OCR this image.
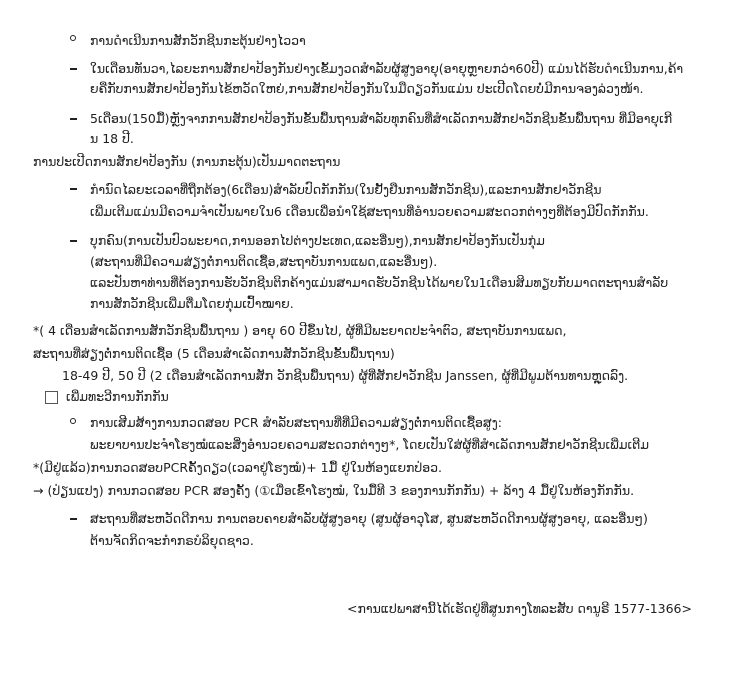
ການດຳເນີນການສັກວັກຊີນກະຕຸ້ນຢ່າງໄວວາ
ໃນເດືອນທັນວາ,ໄລຍະການສັກຢາປ້ອງກັນຢ່າງເຂັ້ມງວດສຳລັບຜູ້ສູງອາຍຸ(ອາຍຸຫຼາຍກວ່າ60ປີ) ແມ່ນໄດ້ຮັບດຳເນີນການ,ຄ້າ
ຍຄືກັບການສັກຢາປ້ອງກັນໄຂ້ຫວັດໃຫຍ່,ການສັກຢາປ້ອງກັນໃນມືດຽວກັນແມ່ນ ປະເປີດໂດຍບໍ່ມີການຈອງລ່ວງໜ້າ.
5ເດືອນ(150ມື້)ຫຼັງຈາກການສັກຢາປ້ອງກັນຂັ້ນພື້ນຖານສຳລັບທຸກຄົນທີ່ສຳເລັດການສັກຢາວັກຊີນຂັ້ນພື້ນຖານ ທີ່ມີອາຍຸເກີ
ນ 18 ປີ.
ການປະເປີດການສັກຢາປ້ອງກັນ (ການກະຕຸ້ນ)ເປັນມາດຕະຖານ
ກຳນົດໄລຍະເວລາທີ່ຖືກຕ້ອງ(6ເດືອນ)ສຳລັບປົດກັກກັນ(ໃນຢັ້ງຢືນການສັກວັກຊີນ),ແລະການສັກຢາວັກຊີນ
ເພີ່ມເຕີມແມ່ນມີຄວາມຈຳເປັນພາຍໃນ6 ເດືອນເພື່ອນຳໃຊ້ສະຖານທີ່ອຳນວຍຄວາມສະດວກຕ່າງໆທີ່ຕ້ອງມີປົດກັກກັນ.
ບຸກຄົນ(ການເປັນປົວພະຍາດ,ການອອກໄປຕ່າງປະເທດ,ແລະອື່ນໆ),ການສັກຢາປ້ອງກັນເປັນກຸ່ມ
(ສະຖານທີ່ມີຄວາມສ່ຽງຕໍ່ການຕິດເຊື້ອ,ສະຖາບັນການແພດ,ແລະອື່ນໆ).
ແລະປັນຫາທ່ານທີ່ຕ້ອງການຮັບວັກຊີນຕິກຄ້າງແມ່ນສາມາດຮັບວັກຊີນໄດ້ພາຍໃນ1ເດືອນສິມທຽບກັບມາດຕະຖານສຳລັບ
ການສັກວັກຊີນເພີ່ມຕື່ມໂດຍກຸ່ມເປົ້າໝາຍ.
*( 4 ເດືອນສຳເລັດການສັກວັກຊີນພື້ນຖານ ) ອາຍຸ 60 ປີຂຶ້ນໄປ, ຜູ້ທີ່ມີພະຍາດປະຈຳຕົວ, ສະຖາບັນການແພດ,
ສະຖານທີ່ສ່ຽງຕໍ່ການຕິດເຊື້ອ (5 ເດືອນສຳເລັດການສັກວັກຊີນຂັ້ນພື້ນຖານ)
18-49 ປີ, 50 ປີ (2 ເດືອນສຳເລັດການສັກ ວັກຊີນພື້ນຖານ) ຜູ້ທີ່ສັກຢາວັກຊີນ Janssen, ຜູ້ທີ່ມີພູມຕ້ານທານຫຼຸດລົງ.
ເພີ່ມທະວີການກັກກັນ
ການເສີມສ້າງການກວດສອບ PCR ສຳລັບສະຖານທີ່ທີ່ມີຄວາມສ່ຽງຕໍ່ການຕິດເຊື້ອສູງ:
ພະຍາບານປະຈຳໂຮງໝໍແລະສິ່ງອຳນວຍຄວາມສະດວກຕ່າງໆ*, ໂດຍເປັນໃສ່ຜູ້ທີ່ສຳເລັດການສັກຢາວັກຊີນເພີ່ມເຕີມ
*(ມີຢູ່ແລ້ວ)ການກວດສອບPCRຄັ້ງດຽວ(ເວລາຢູ່ໂຮງໝໍ)+ 1ມື້ ຢູ່ໃນຫ້ອງແຍກປ່ອວ.
→ (ປ່ຽນແປງ) ການກວດສອບ PCR ສອງຄັ້ງ (①ເມື່ອເຂົ້າໂຮງໝໍ, ໃນມື້ທີ 3 ຂອງການກັກກັນ) + ລ້າງ 4 ມື້ຢູ່ໃນຫ້ອງກັກກັນ.
ສະຖານທີ່ສະຫວັດດີການ ການຕອບຄາຍສຳລັບຜູ້ສູງອາຍຸ (ສູນຜູ້ອາວຸໂສ, ສູນສະຫວັດດີການຜູ້ສູງອາຍຸ, ແລະອື່ນໆ)
ຕ້ານຈັດກິດຈະກຳກຣບໍລິຍຸດຊາວ.
<ການແປພາສານີ້ໄດ້ເຮັດຢູ່ທີ່ສູນກາງໂທລະສັບ ດານູຣີ 1577-1366>
